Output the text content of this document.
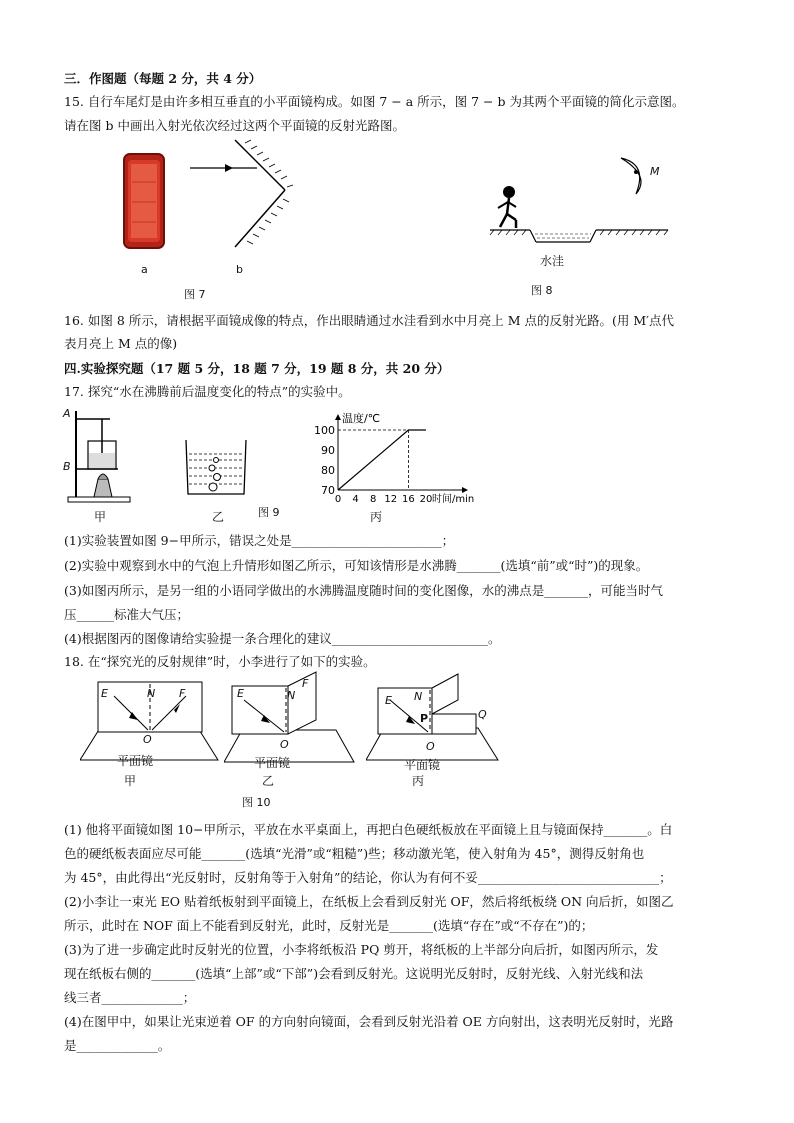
三．作图题（每题 2 分，共 4 分）
15. 自行车尾灯是由许多相互垂直的小平面镜构成。如图 7 − a 所示，图 7 − b 为其两个平面镜的简化示意图。
请在图 b 中画出入射光依次经过这两个平面镜的反射光路图。
a	b
图 7
M
水洼
图 8
16. 如图 8 所示，请根据平面镜成像的特点，作出眼睛通过水洼看到水中月亮上 M 点的反射光路。(用 M′点代
表月亮上 M 点的像)
四.实验探究题（17 题 5 分，18 题 7 分，19 题 8 分，共 20 分）
17. 探究“水在沸腾前后温度变化的特点”的实验中。
A
B
甲	乙	图 9
100
90
80
70
0 4 8 12 16 20
温度/℃
时间/min
丙
(1)实验装置如图 9−甲所示，错误之处是________________________；
(2)实验中观察到水中的气泡上升情形如图乙所示，可知该情形是水沸腾_______(选填“前”或“时”)的现象。
(3)如图丙所示，是另一组的小语同学做出的水沸腾温度随时间的变化图像，水的沸点是_______，可能当时气
压______标准大气压；
(4)根据图丙的图像请给实验提一条合理化的建议_________________________。
18. 在“探究光的反射规律”时，小李进行了如下的实验。
E	N F
O
平面镜
甲
E	N
F
O
平面镜
乙
E N
P	Q
O
平面镜
丙
图 10
(1) 他将平面镜如图 10−甲所示，平放在水平桌面上，再把白色硬纸板放在平面镜上且与镜面保持_______。白
色的硬纸板表面应尽可能_______(选填“光滑”或“粗糙”)些；移动激光笔，使入射角为 45°，测得反射角也
为 45°，由此得出“光反射时，反射角等于入射角”的结论，你认为有何不妥_____________________________；
(2)小李让一束光 EO 贴着纸板射到平面镜上，在纸板上会看到反射光 OF，然后将纸板绕 ON 向后折，如图乙
所示，此时在 NOF 面上不能看到反射光，此时，反射光是_______(选填“存在”或“不存在”)的；
(3)为了进一步确定此时反射光的位置，小李将纸板沿 PQ 剪开，将纸板的上半部分向后折，如图丙所示，发
现在纸板右侧的_______(选填“上部”或“下部”)会看到反射光。这说明光反射时，反射光线、入射光线和法
线三者_____________；
(4)在图甲中，如果让光束逆着 OF 的方向射向镜面，会看到反射光沿着 OE 方向射出，这表明光反射时，光路
是_____________。
